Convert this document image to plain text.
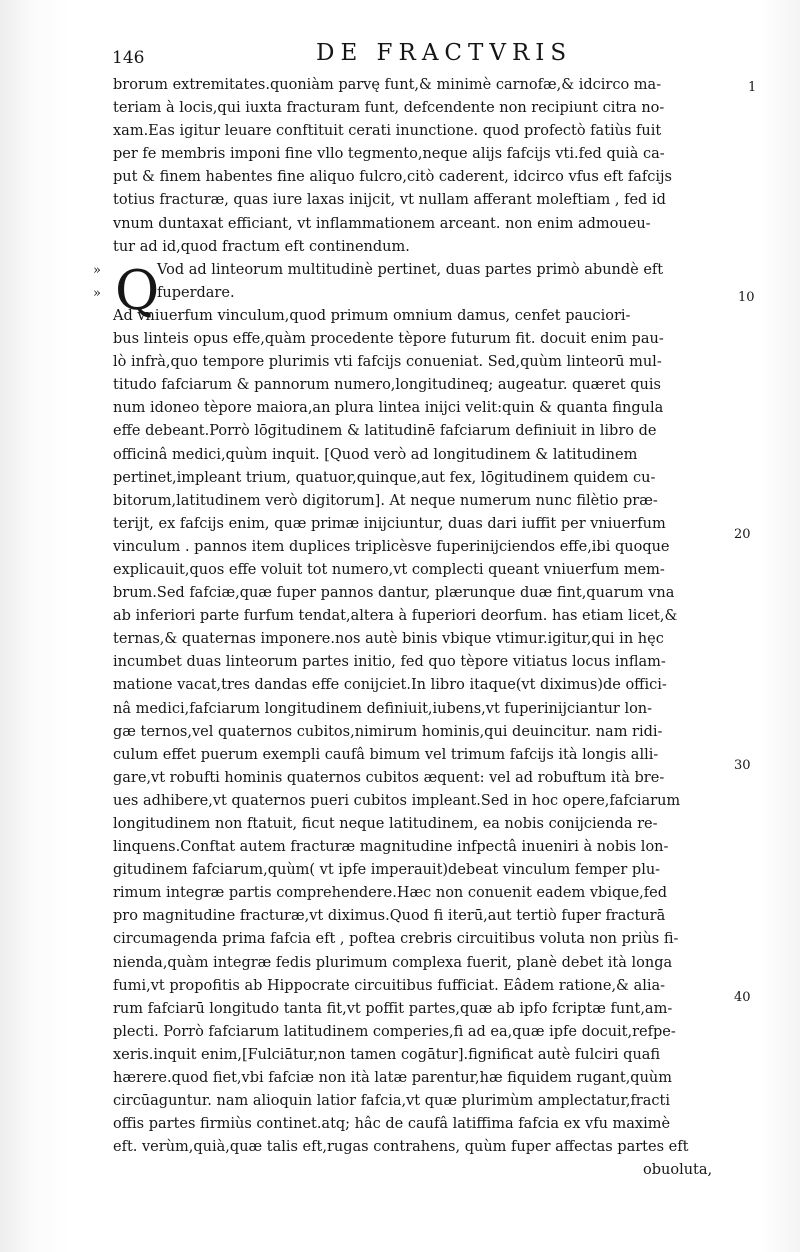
146	DE FRACTVRIS
Q
brorum extremitates.quoniàm parvę funt,& minimè carnofæ,& idcirco ma-
teriam à locis,qui iuxta fracturam funt, defcendente non recipiunt citra no-
xam.Eas igitur leuare conftituit cerati inunctione. quod profectò fatiùs fuit
per fe membris imponi fine vllo tegmento,neque alijs fafcijs vti.fed quià ca-
put & finem habentes fine aliquo fulcro,citò caderent, idcirco vfus eft fafcijs
totius fracturæ, quas iure laxas inijcit, vt nullam afferant moleftiam , fed id
vnum duntaxat efficiant, vt inflammationem arceant. non enim admoueu-
tur ad id,quod fractum eft continendum.
»	Vod ad linteorum multitudinè pertinet, duas partes primò abundè eft
»	fuperdare.
Ad vniuerfum vinculum,quod primum omnium damus, cenfet pauciori-
bus linteis opus effe,quàm procedente tèpore futurum fit. docuit enim pau-
lò infrà,quo tempore plurimis vti fafcijs conueniat. Sed,quùm linteorū mul-
titudo fafciarum & pannorum numero,longitudineq; augeatur. quæret quis
num idoneo tèpore maiora,an plura lintea inijci velit:quin & quanta fingula
effe debeant.Porrò lōgitudinem & latitudinē fafciarum definiuit in libro de
officinâ medici,quùm inquit. [Quod verò ad longitudinem & latitudinem
pertinet,impleant trium, quatuor,quinque,aut fex, lōgitudinem quidem cu-
bitorum,latitudinem verò digitorum]. At neque numerum nunc filètio præ-
terijt, ex fafcijs enim, quæ primæ inijciuntur, duas dari iuffit per vniuerfum
vinculum . pannos item duplices triplicèsve fuperinijciendos effe,ibi quoque
explicauit,quos effe voluit tot numero,vt complecti queant vniuerfum mem-
brum.Sed fafciæ,quæ fuper pannos dantur, plærunque duæ fint,quarum vna
ab inferiori parte furfum tendat,altera à fuperiori deorfum. has etiam licet,&
ternas,& quaternas imponere.nos autè binis vbique vtimur.igitur,qui in hęc
incumbet duas linteorum partes initio, fed quo tèpore vitiatus locus inflam-
matione vacat,tres dandas effe conijciet.In libro itaque(vt diximus)de offici-
nâ medici,fafciarum longitudinem definiuit,iubens,vt fuperinijciantur lon-
gæ ternos,vel quaternos cubitos,nimirum hominis,qui deuincitur. nam ridi-
culum effet puerum exempli caufâ bimum vel trimum fafcijs ità longis alli-
gare,vt robufti hominis quaternos cubitos æquent: vel ad robuftum ità bre-
ues adhibere,vt quaternos pueri cubitos impleant.Sed in hoc opere,fafciarum
longitudinem non ftatuit, ficut neque latitudinem, ea nobis conijcienda re-
linquens.Conftat autem fracturæ magnitudine infpectâ inueniri à nobis lon-
gitudinem fafciarum,quùm( vt ipfe imperauit)debeat vinculum femper plu-
rimum integræ partis comprehendere.Hæc non conuenit eadem vbique,fed
pro magnitudine fracturæ,vt diximus.Quod fi iterū,aut tertiò fuper fracturā
circumagenda prima fafcia eft , poftea crebris circuitibus voluta non priùs fi-
nienda,quàm integræ fedis plurimum complexa fuerit, planè debet ità longa
fumi,vt propofitis ab Hippocrate circuitibus fufficiat. Eâdem ratione,& alia-
rum fafciarū longitudo tanta fit,vt poffit partes,quæ ab ipfo fcriptæ funt,am-
plecti. Porrò fafciarum latitudinem comperies,fi ad ea,quæ ipfe docuit,refpe-
xeris.inquit enim,[Fulciātur,non tamen cogātur].fignificat autè fulciri quafi
hærere.quod fiet,vbi fafciæ non ità latæ parentur,hæ fiquidem rugant,quùm
circūaguntur. nam alioquin latior fafcia,vt quæ plurimùm amplectatur,fracti
offis partes firmiùs continet.atq; hâc de caufâ latiffima fafcia ex vfu maximè
eft. verùm,quià,quæ talis eft,rugas contrahens, quùm fuper affectas partes eft
obuoluta,
1
10
20
30
40
